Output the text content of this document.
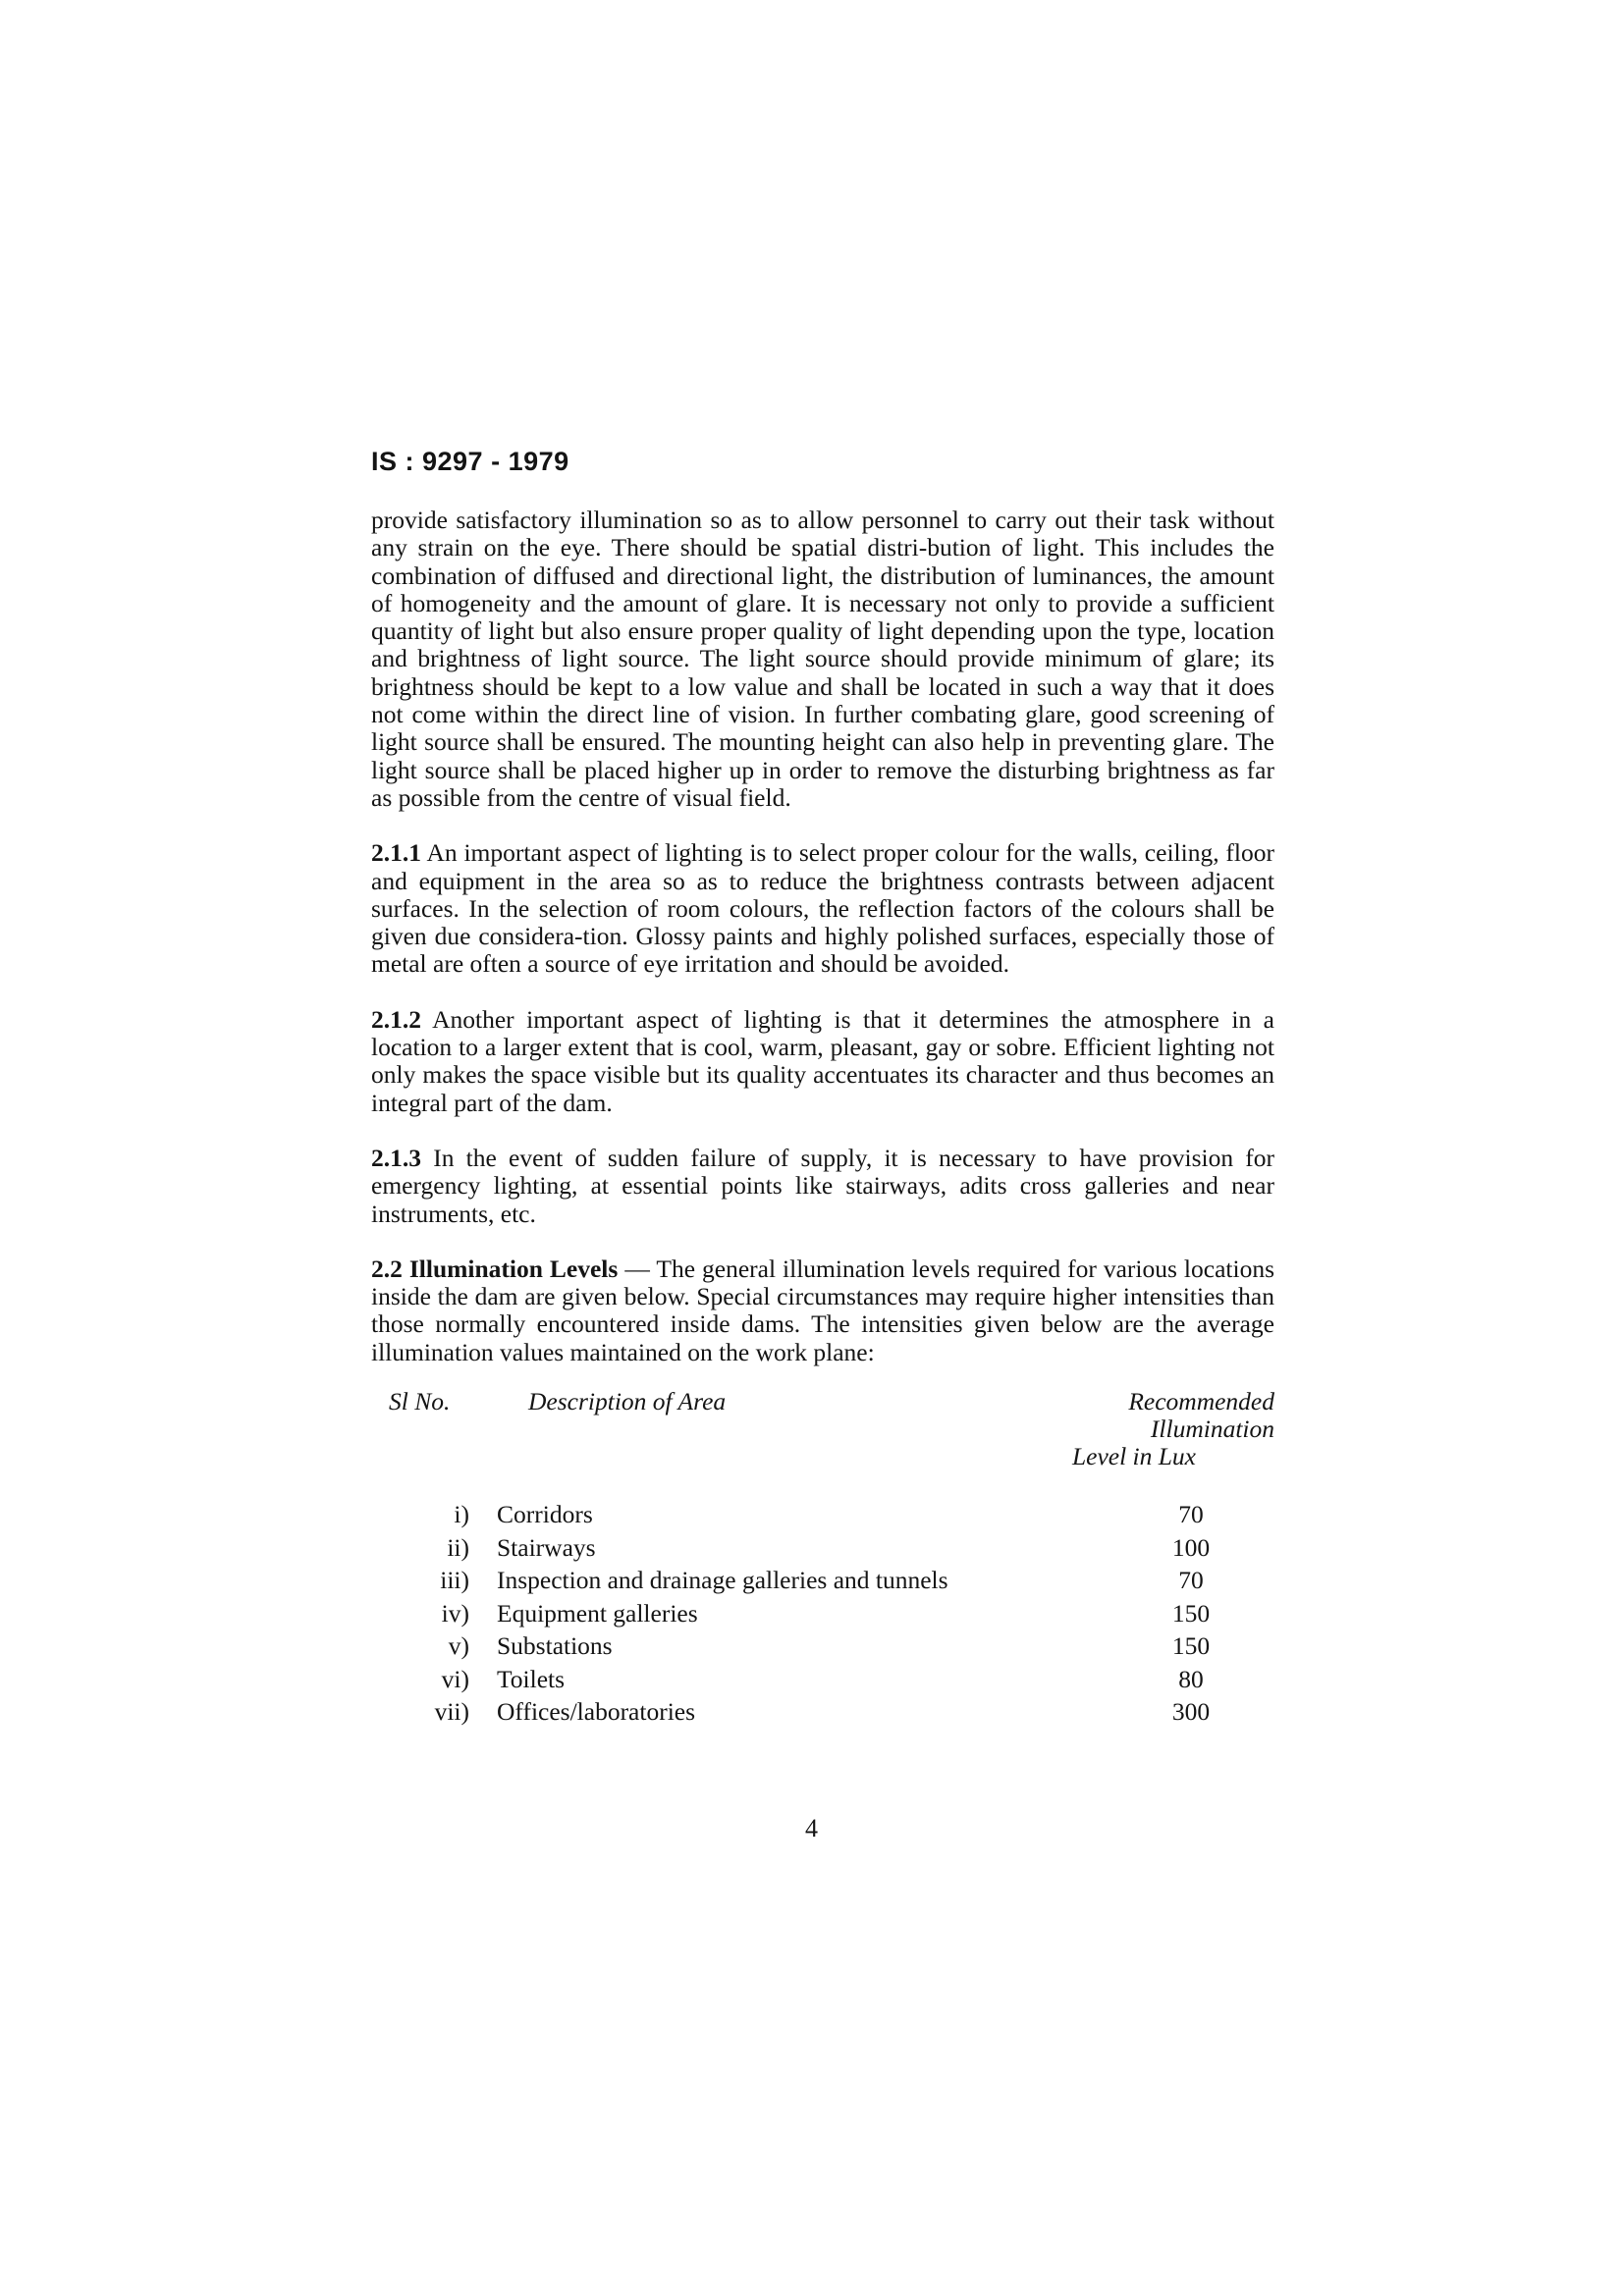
IS : 9297 - 1979

provide satisfactory illumination so as to allow personnel to carry out their task without any strain on the eye. There should be spatial distri-bution of light. This includes the combination of diffused and directional light, the distribution of luminances, the amount of homogeneity and the amount of glare. It is necessary not only to provide a sufficient quantity of light but also ensure proper quality of light depending upon the type, location and brightness of light source. The light source should provide minimum of glare; its brightness should be kept to a low value and shall be located in such a way that it does not come within the direct line of vision. In further combating glare, good screening of light source shall be ensured. The mounting height can also help in preventing glare. The light source shall be placed higher up in order to remove the disturbing brightness as far as possible from the centre of visual field.

2.1.1 An important aspect of lighting is to select proper colour for the walls, ceiling, floor and equipment in the area so as to reduce the brightness contrasts between adjacent surfaces. In the selection of room colours, the reflection factors of the colours shall be given due considera-tion. Glossy paints and highly polished surfaces, especially those of metal are often a source of eye irritation and should be avoided.

2.1.2 Another important aspect of lighting is that it determines the atmosphere in a location to a larger extent that is cool, warm, pleasant, gay or sobre. Efficient lighting not only makes the space visible but its quality accentuates its character and thus becomes an integral part of the dam.

2.1.3 In the event of sudden failure of supply, it is necessary to have provision for emergency lighting, at essential points like stairways, adits cross galleries and near instruments, etc.

2.2 Illumination Levels — The general illumination levels required for various locations inside the dam are given below. Special circumstances may require higher intensities than those normally encountered inside dams. The intensities given below are the average illumination values maintained on the work plane:

Sl No.	Description of Area	Recommended Illumination
Level in Lux
i)	Corridors	70
ii)	Stairways	100
iii)	Inspection and drainage galleries and tunnels	70
iv)	Equipment galleries	150
v)	Substations	150
vi)	Toilets	80
vii)	Offices/laboratories	300
4
